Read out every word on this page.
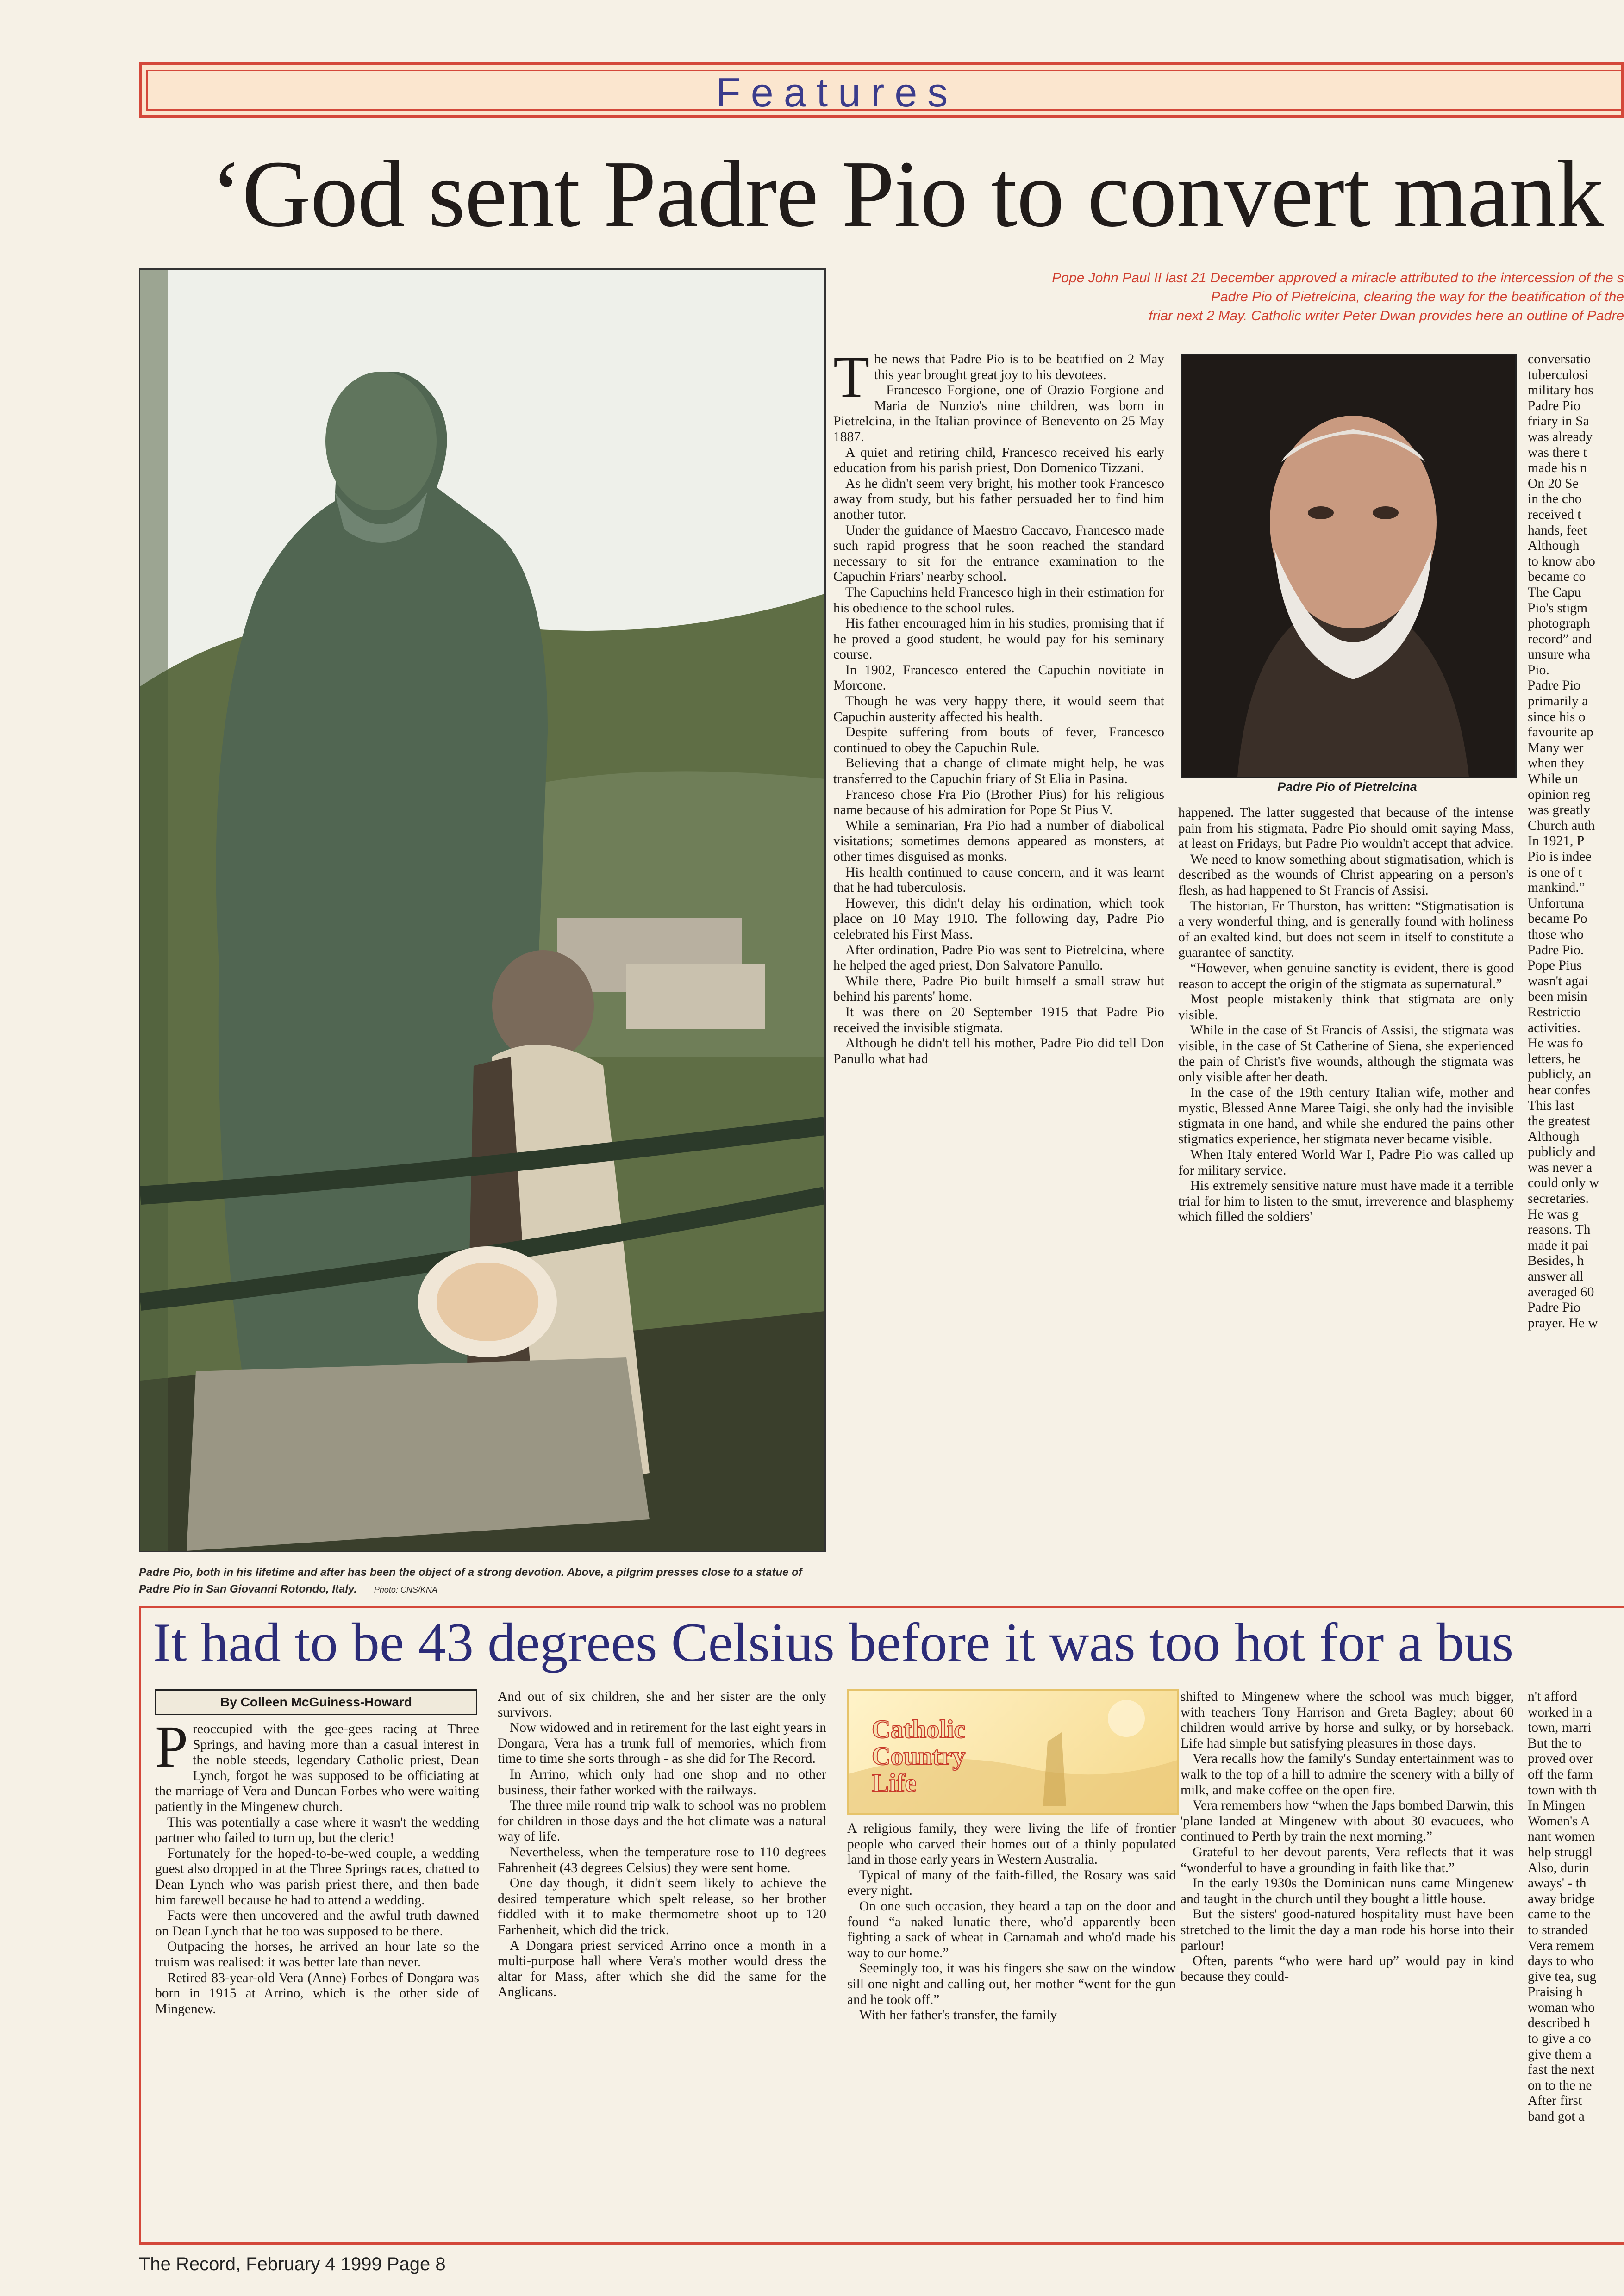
Features
‘God sent Padre Pio to convert mank
Pope John Paul II last 21 December approved a miracle attributed to the intercession of the s
Padre Pio of Pietrelcina, clearing the way for the beatification of the
friar next 2 May. Catholic writer Peter Dwan provides here an outline of Padre
Padre Pio, both in his lifetime and after has been the object of a strong devotion. Above, a pilgrim presses close to a statue of Padre Pio in San Giovanni Rotondo, Italy. Photo: CNS/KNA

The news that Padre Pio is to be beatified on 2 May this year brought great joy to his devotees.

Francesco Forgione, one of Orazio Forgione and Maria de Nunzio's nine children, was born in Pietrelcina, in the Italian province of Benevento on 25 May 1887.

A quiet and retiring child, Francesco received his early education from his parish priest, Don Domenico Tizzani.

As he didn't seem very bright, his mother took Francesco away from study, but his father persuaded her to find him another tutor.

Under the guidance of Maestro Caccavo, Francesco made such rapid progress that he soon reached the standard necessary to sit for the entrance examination to the Capuchin Friars' nearby school.

The Capuchins held Francesco high in their estimation for his obedience to the school rules.

His father encouraged him in his studies, promising that if he proved a good student, he would pay for his seminary course.

In 1902, Francesco entered the Capuchin novitiate in Morcone.

Though he was very happy there, it would seem that Capuchin austerity affected his health.

Despite suffering from bouts of fever, Francesco continued to obey the Capuchin Rule.

Believing that a change of climate might help, he was transferred to the Capuchin friary of St Elia in Pasina.

Franceso chose Fra Pio (Brother Pius) for his religious name because of his admiration for Pope St Pius V.

While a seminarian, Fra Pio had a number of diabolical visitations; sometimes demons appeared as monsters, at other times disguised as monks.

His health continued to cause concern, and it was learnt that he had tuberculosis.

However, this didn't delay his ordination, which took place on 10 May 1910. The following day, Padre Pio celebrated his First Mass.

After ordination, Padre Pio was sent to Pietrelcina, where he helped the aged priest, Don Salvatore Panullo.

While there, Padre Pio built himself a small straw hut behind his parents' home.

It was there on 20 September 1915 that Padre Pio received the invisible stigmata.

Although he didn't tell his mother, Padre Pio did tell Don Panullo what had

Padre Pio of Pietrelcina

happened. The latter suggested that because of the intense pain from his stigmata, Padre Pio should omit saying Mass, at least on Fridays, but Padre Pio wouldn't accept that advice.

We need to know something about stigmatisation, which is described as the wounds of Christ appearing on a person's flesh, as had happened to St Francis of Assisi.

The historian, Fr Thurston, has written: “Stigmatisation is a very wonderful thing, and is generally found with holiness of an exalted kind, but does not seem in itself to constitute a guarantee of sanctity.

“However, when genuine sanctity is evident, there is good reason to accept the origin of the stigmata as supernatural.”

Most people mistakenly think that stigmata are only visible.

While in the case of St Francis of Assisi, the stigmata was visible, in the case of St Catherine of Siena, she experienced the pain of Christ's five wounds, although the stigmata was only visible after her death.

In the case of the 19th century Italian wife, mother and mystic, Blessed Anne Maree Taigi, she only had the invisible stigmata in one hand, and while she endured the pains other stigmatics experience, her stigmata never became visible.

When Italy entered World War I, Padre Pio was called up for military service.

His extremely sensitive nature must have made it a terrible trial for him to listen to the smut, irreverence and blasphemy which filled the soldiers'

conversatio
tuberculosi
military hos
Padre Pio
friary in Sa
was already
was there t
made his n
On 20 Se
in the cho
received t
hands, feet
Although
to know abo
became co
The Capu
Pio's stigm
photograph
record” and
unsure wha
Pio.
Padre Pio
primarily a
since his o
favourite ap
Many wer
when they
While un
opinion reg
was greatly
Church auth
In 1921, P
Pio is indee
is one of t
mankind.”
Unfortuna
became Po
those who
Padre Pio.
Pope Pius
wasn't agai
been misin
Restrictio
activities.
He was fo
letters, he
publicly, an
hear confes
This last
the greatest
Although
publicly and
was never a
could only w
secretaries.
He was g
reasons. Th
made it pai
Besides, h
answer all
averaged 60
Padre Pio
prayer. He w
It had to be 43 degrees Celsius before it was too hot for a bus
By Colleen McGuiness-Howard

Preoccupied with the gee-gees racing at Three Springs, and having more than a casual interest in the noble steeds, legendary Catholic priest, Dean Lynch, forgot he was supposed to be officiating at the marriage of Vera and Duncan Forbes who were waiting patiently in the Mingenew church.

This was potentially a case where it wasn't the wedding partner who failed to turn up, but the cleric!

Fortunately for the hoped-to-be-wed couple, a wedding guest also dropped in at the Three Springs races, chatted to Dean Lynch who was parish priest there, and then bade him farewell because he had to attend a wedding.

Facts were then uncovered and the awful truth dawned on Dean Lynch that he too was supposed to be there.

Outpacing the horses, he arrived an hour late so the truism was realised: it was better late than never.

Retired 83-year-old Vera (Anne) Forbes of Dongara was born in 1915 at Arrino, which is the other side of Mingenew.

And out of six children, she and her sister are the only survivors.

Now widowed and in retirement for the last eight years in Dongara, Vera has a trunk full of memories, which from time to time she sorts through - as she did for The Record.

In Arrino, which only had one shop and no other business, their father worked with the railways.

The three mile round trip walk to school was no problem for children in those days and the hot climate was a natural way of life.

Nevertheless, when the temperature rose to 110 degrees Fahrenheit (43 degrees Celsius) they were sent home.

One day though, it didn't seem likely to achieve the desired temperature which spelt release, so her brother fiddled with it to make thermometre shoot up to 120 Farhenheit, which did the trick.

A Dongara priest serviced Arrino once a month in a multi-purpose hall where Vera's mother would dress the altar for Mass, after which she did the same for the Anglicans.

Catholic
Country
Life

A religious family, they were living the life of frontier people who carved their homes out of a thinly populated land in those early years in Western Australia.

Typical of many of the faith-filled, the Rosary was said every night.

On one such occasion, they heard a tap on the door and found “a naked lunatic there, who'd apparently been fighting a sack of wheat in Carnamah and who'd made his way to our home.”

Seemingly too, it was his fingers she saw on the window sill one night and calling out, her mother “went for the gun and he took off.”

With her father's transfer, the family

shifted to Mingenew where the school was much bigger, with teachers Tony Harrison and Greta Bagley; about 60 children would arrive by horse and sulky, or by horseback. Life had simple but satisfying pleasures in those days.

Vera recalls how the family's Sunday entertainment was to walk to the top of a hill to admire the scenery with a billy of milk, and make coffee on the open fire.

Vera remembers how “when the Japs bombed Darwin, this 'plane landed at Mingenew with about 30 evacuees, who continued to Perth by train the next morning.”

Grateful to her devout parents, Vera reflects that it was “wonderful to have a grounding in faith like that.”

In the early 1930s the Dominican nuns came Mingenew and taught in the church until they bought a little house.

But the sisters' good-natured hospitality must have been stretched to the limit the day a man rode his horse into their parlour!

Often, parents “who were hard up” would pay in kind because they could-

n't afford
worked in a
town, marri
But the to
proved over
off the farm
town with th
In Mingen
Women's A
nant women
help struggl
Also, durin
aways' - th
away bridge
came to the
to stranded
Vera remem
days to who
give tea, sug
Praising h
woman who
described h
to give a co
give them a
fast the next
on to the ne
After first
band got a
The Record, February 4 1999 Page 8
